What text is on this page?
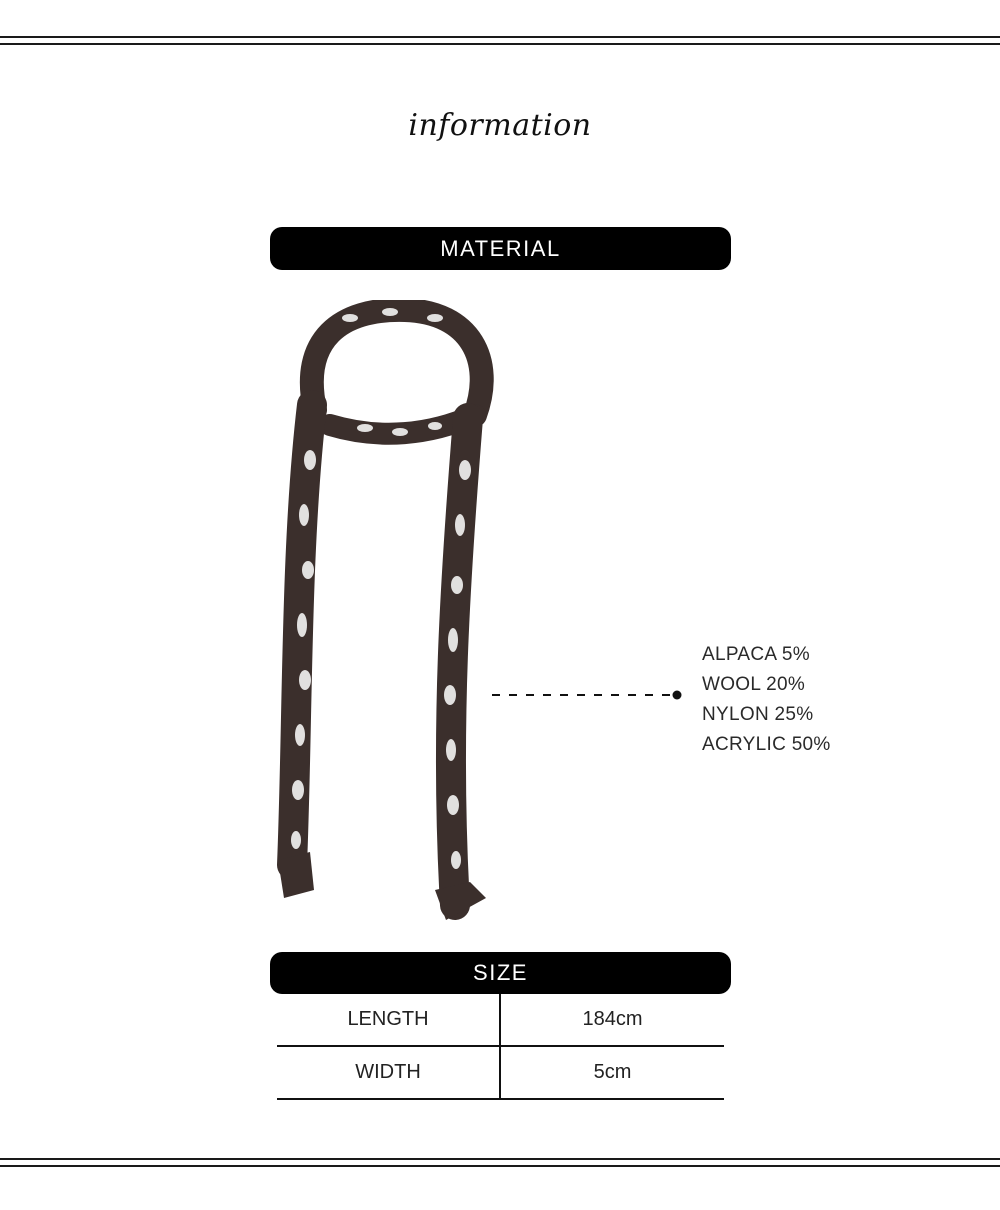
information
MATERIAL
ALPACA 5%
WOOL 20%
NYLON 25%
ACRYLIC 50%
SIZE
LENGTH	184cm
WIDTH	5cm
